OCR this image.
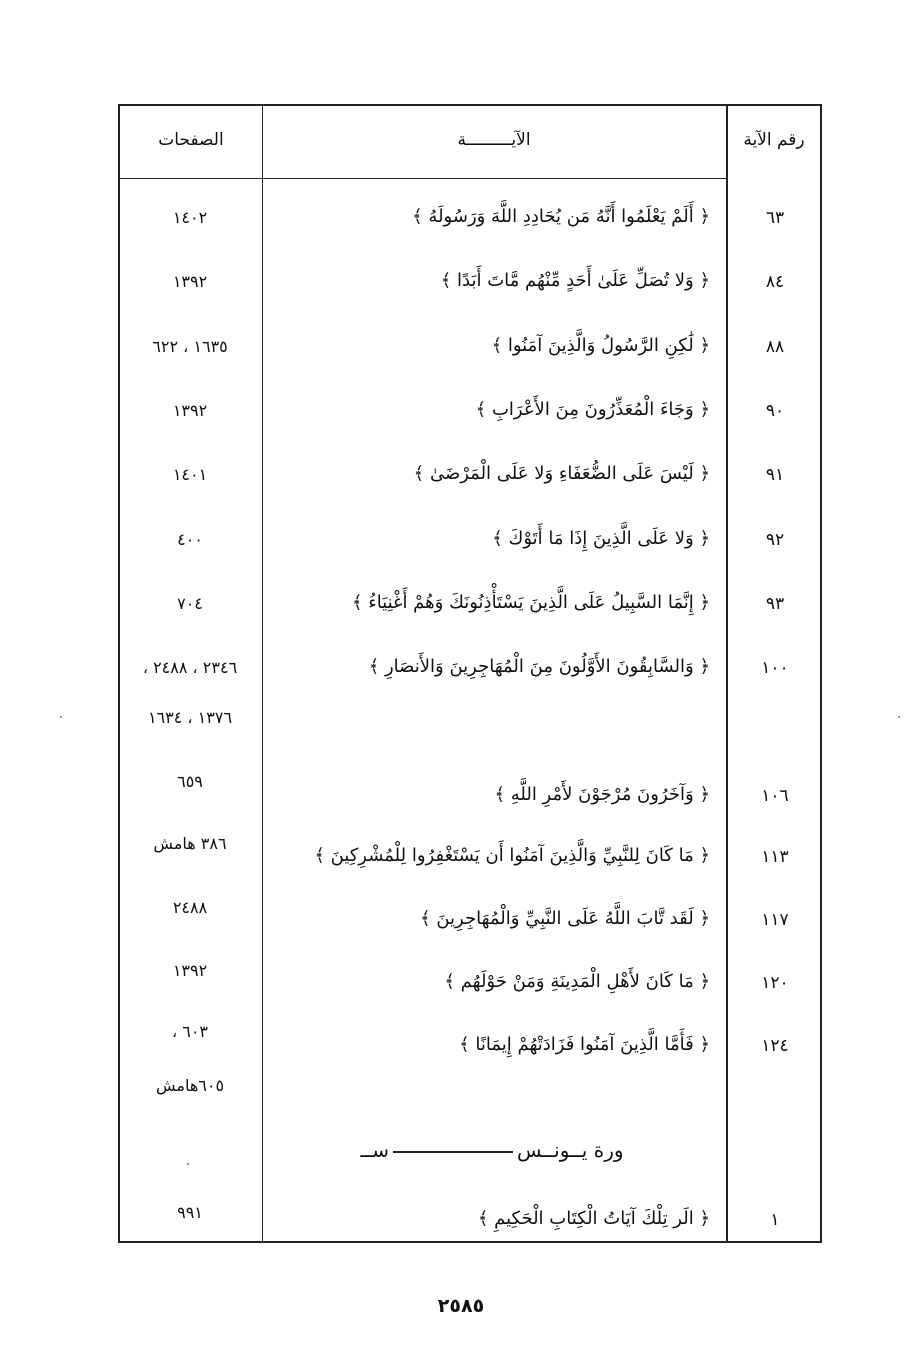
رقم الآية
الآيـــــــــة
الصفحات
٦٣
﴿ أَلَمْ يَعْلَمُوا أَنَّهُ مَن يُحَادِدِ اللَّهَ وَرَسُولَهُ ﴾
١٤٠٢
٨٤
﴿ وَلا تُصَلِّ عَلَىٰ أَحَدٍ مِّنْهُم مَّاتَ أَبَدًا ﴾
١٣٩٢
٨٨
﴿ لَٰكِنِ الرَّسُولُ وَالَّذِينَ آمَنُوا ﴾
١٦٣٥ ، ٦٢٢
٩٠
﴿ وَجَاءَ الْمُعَذِّرُونَ مِنَ الأَعْرَابِ ﴾
١٣٩٢
٩١
﴿ لَيْسَ عَلَى الضُّعَفَاءِ وَلا عَلَى الْمَرْضَىٰ ﴾
١٤٠١
٩٢
﴿ وَلا عَلَى الَّذِينَ إِذَا مَا أَتَوْكَ ﴾
٤٠٠
٩٣
﴿ إِنَّمَا السَّبِيلُ عَلَى الَّذِينَ يَسْتَأْذِنُونَكَ وَهُمْ أَغْنِيَاءُ ﴾
٧٠٤
١٠٠
﴿ وَالسَّابِقُونَ الأَوَّلُونَ مِنَ الْمُهَاجِرِينَ وَالأَنصَارِ ﴾
٢٣٤٦ ، ٢٤٨٨ ،
١٣٧٦ ، ١٦٣٤
١٠٦
﴿ وَآخَرُونَ مُرْجَوْنَ لأَمْرِ اللَّهِ ﴾
٦٥٩
١١٣
﴿ مَا كَانَ لِلنَّبِيِّ وَالَّذِينَ آمَنُوا أَن يَسْتَغْفِرُوا لِلْمُشْرِكِينَ ﴾
٣٨٦ هامش
١١٧
﴿ لَقَد تَّابَ اللَّهُ عَلَى النَّبِيِّ وَالْمُهَاجِرِينَ ﴾
٢٤٨٨
١٢٠
﴿ مَا كَانَ لأَهْلِ الْمَدِينَةِ وَمَنْ حَوْلَهُم ﴾
١٣٩٢
١٢٤
﴿ فَأَمَّا الَّذِينَ آمَنُوا فَزَادَتْهُمْ إِيمَانًا ﴾
٦٠٣ ،
٦٠٥هامش
ورة يــونــسســ
١
﴿ الَر تِلْكَ آيَاتُ الْكِتَابِ الْحَكِيمِ ﴾
٩٩١
٢٥٨٥
